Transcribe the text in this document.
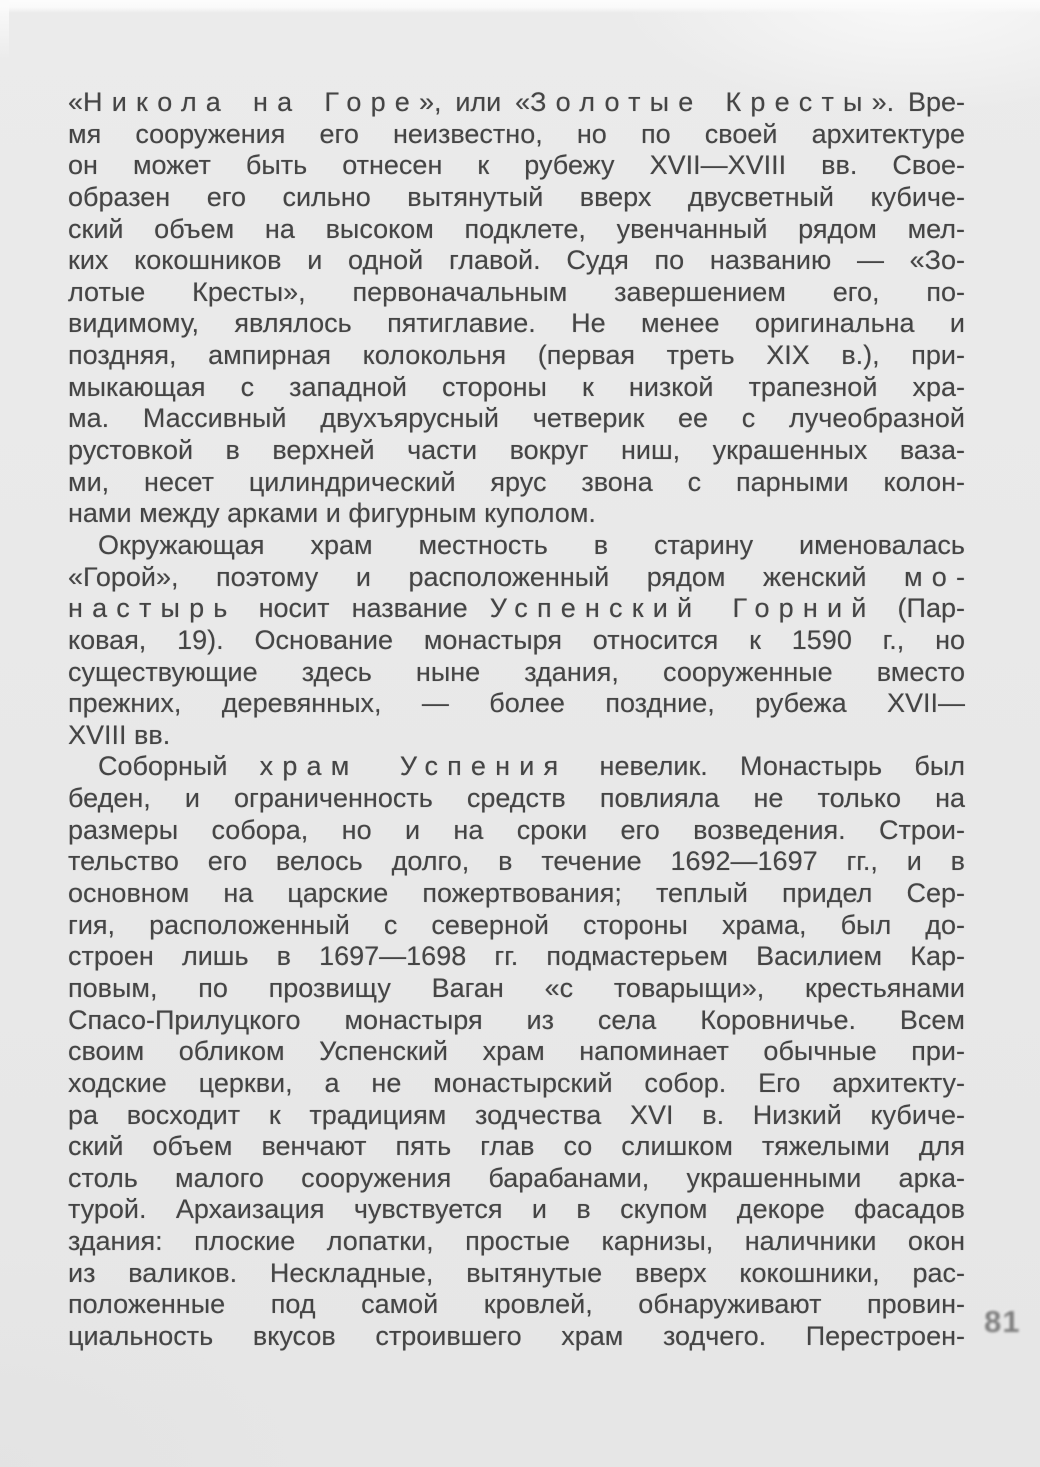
«Никола на Горе», или «Золотые Кресты». Вре-
мя сооружения его неизвестно, но по своей архитектуре
он может быть отнесен к рубежу XVII—XVIII вв. Свое-
образен его сильно вытянутый вверх двусветный кубиче-
ский объем на высоком подклете, увенчанный рядом мел-
ких кокошников и одной главой. Судя по названию — «Зо-
лотые Кресты», первоначальным завершением его, по-
видимому, являлось пятиглавие. Не менее оригинальна и
поздняя, ампирная колокольня (первая треть XIX в.), при-
мыкающая с западной стороны к низкой трапезной хра-
ма. Массивный двухъярусный четверик ее с лучеобразной
рустовкой в верхней части вокруг ниш, украшенных ваза-
ми, несет цилиндрический ярус звона с парными колон-
нами между арками и фигурным куполом.
Окружающая храм местность в старину именовалась
«Горой», поэтому и расположенный рядом женский мо-
настырь носит название Успенский Горний (Пар-
ковая, 19). Основание монастыря относится к 1590 г., но
существующие здесь ныне здания, сооруженные вместо
прежних, деревянных, — более поздние, рубежа XVII—
XVIII вв.
Соборный храм Успения невелик. Монастырь был
беден, и ограниченность средств повлияла не только на
размеры собора, но и на сроки его возведения. Строи-
тельство его велось долго, в течение 1692—1697 гг., и в
основном на царские пожертвования; теплый придел Сер-
гия, расположенный с северной стороны храма, был до-
строен лишь в 1697—1698 гг. подмастерьем Василием Кар-
повым, по прозвищу Ваган «с товарыщи», крестьянами
Спасо-Прилуцкого монастыря из села Коровничье. Всем
своим обликом Успенский храм напоминает обычные при-
ходские церкви, а не монастырский собор. Его архитекту-
ра восходит к традициям зодчества XVI в. Низкий кубиче-
ский объем венчают пять глав со слишком тяжелыми для
столь малого сооружения барабанами, украшенными арка-
турой. Архаизация чувствуется и в скупом декоре фасадов
здания: плоские лопатки, простые карнизы, наличники окон
из валиков. Нескладные, вытянутые вверх кокошники, рас-
положенные под самой кровлей, обнаруживают провин-
циальность вкусов строившего храм зодчего. Перестроен- 81
